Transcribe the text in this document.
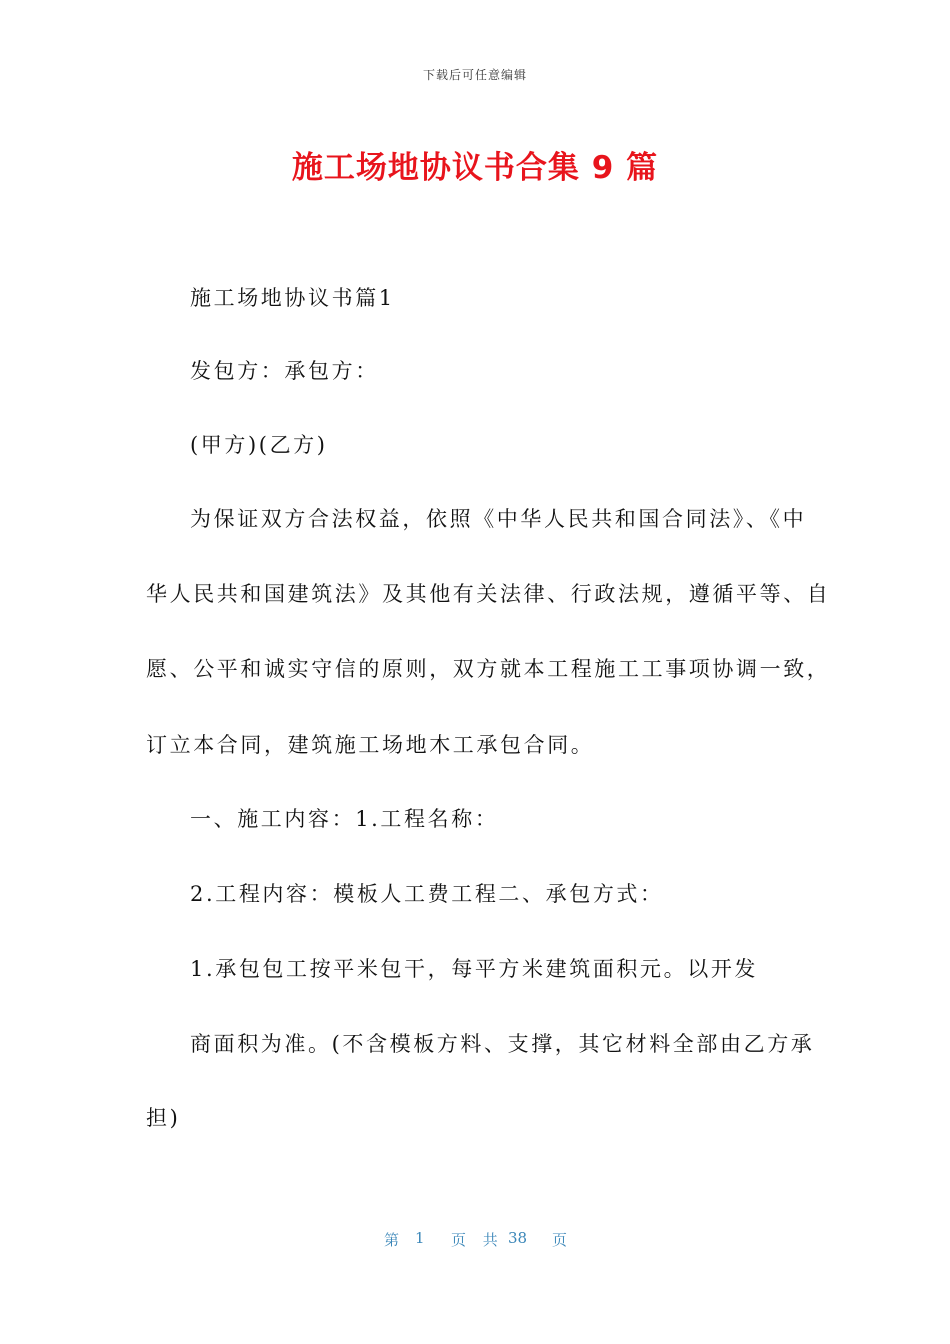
下载后可任意编辑
施工场地协议书合集 9 篇
施工场地协议书篇1
发包方：承包方：
(甲方)(乙方)
为保证双方合法权益，依照《中华人民共和国合同法》、《中
华人民共和国建筑法》及其他有关法律、行政法规，遵循平等、自
愿、公平和诚实守信的原则，双方就本工程施工工事项协调一致，
订立本合同，建筑施工场地木工承包合同。
一、施工内容：1.工程名称：
2.工程内容：模板人工费工程二、承包方式：
1.承包包工按平米包干，每平方米建筑面积元。以开发
商面积为准。(不含模板方料、支撑，其它材料全部由乙方承
担)
第 1 页 共 38 页
